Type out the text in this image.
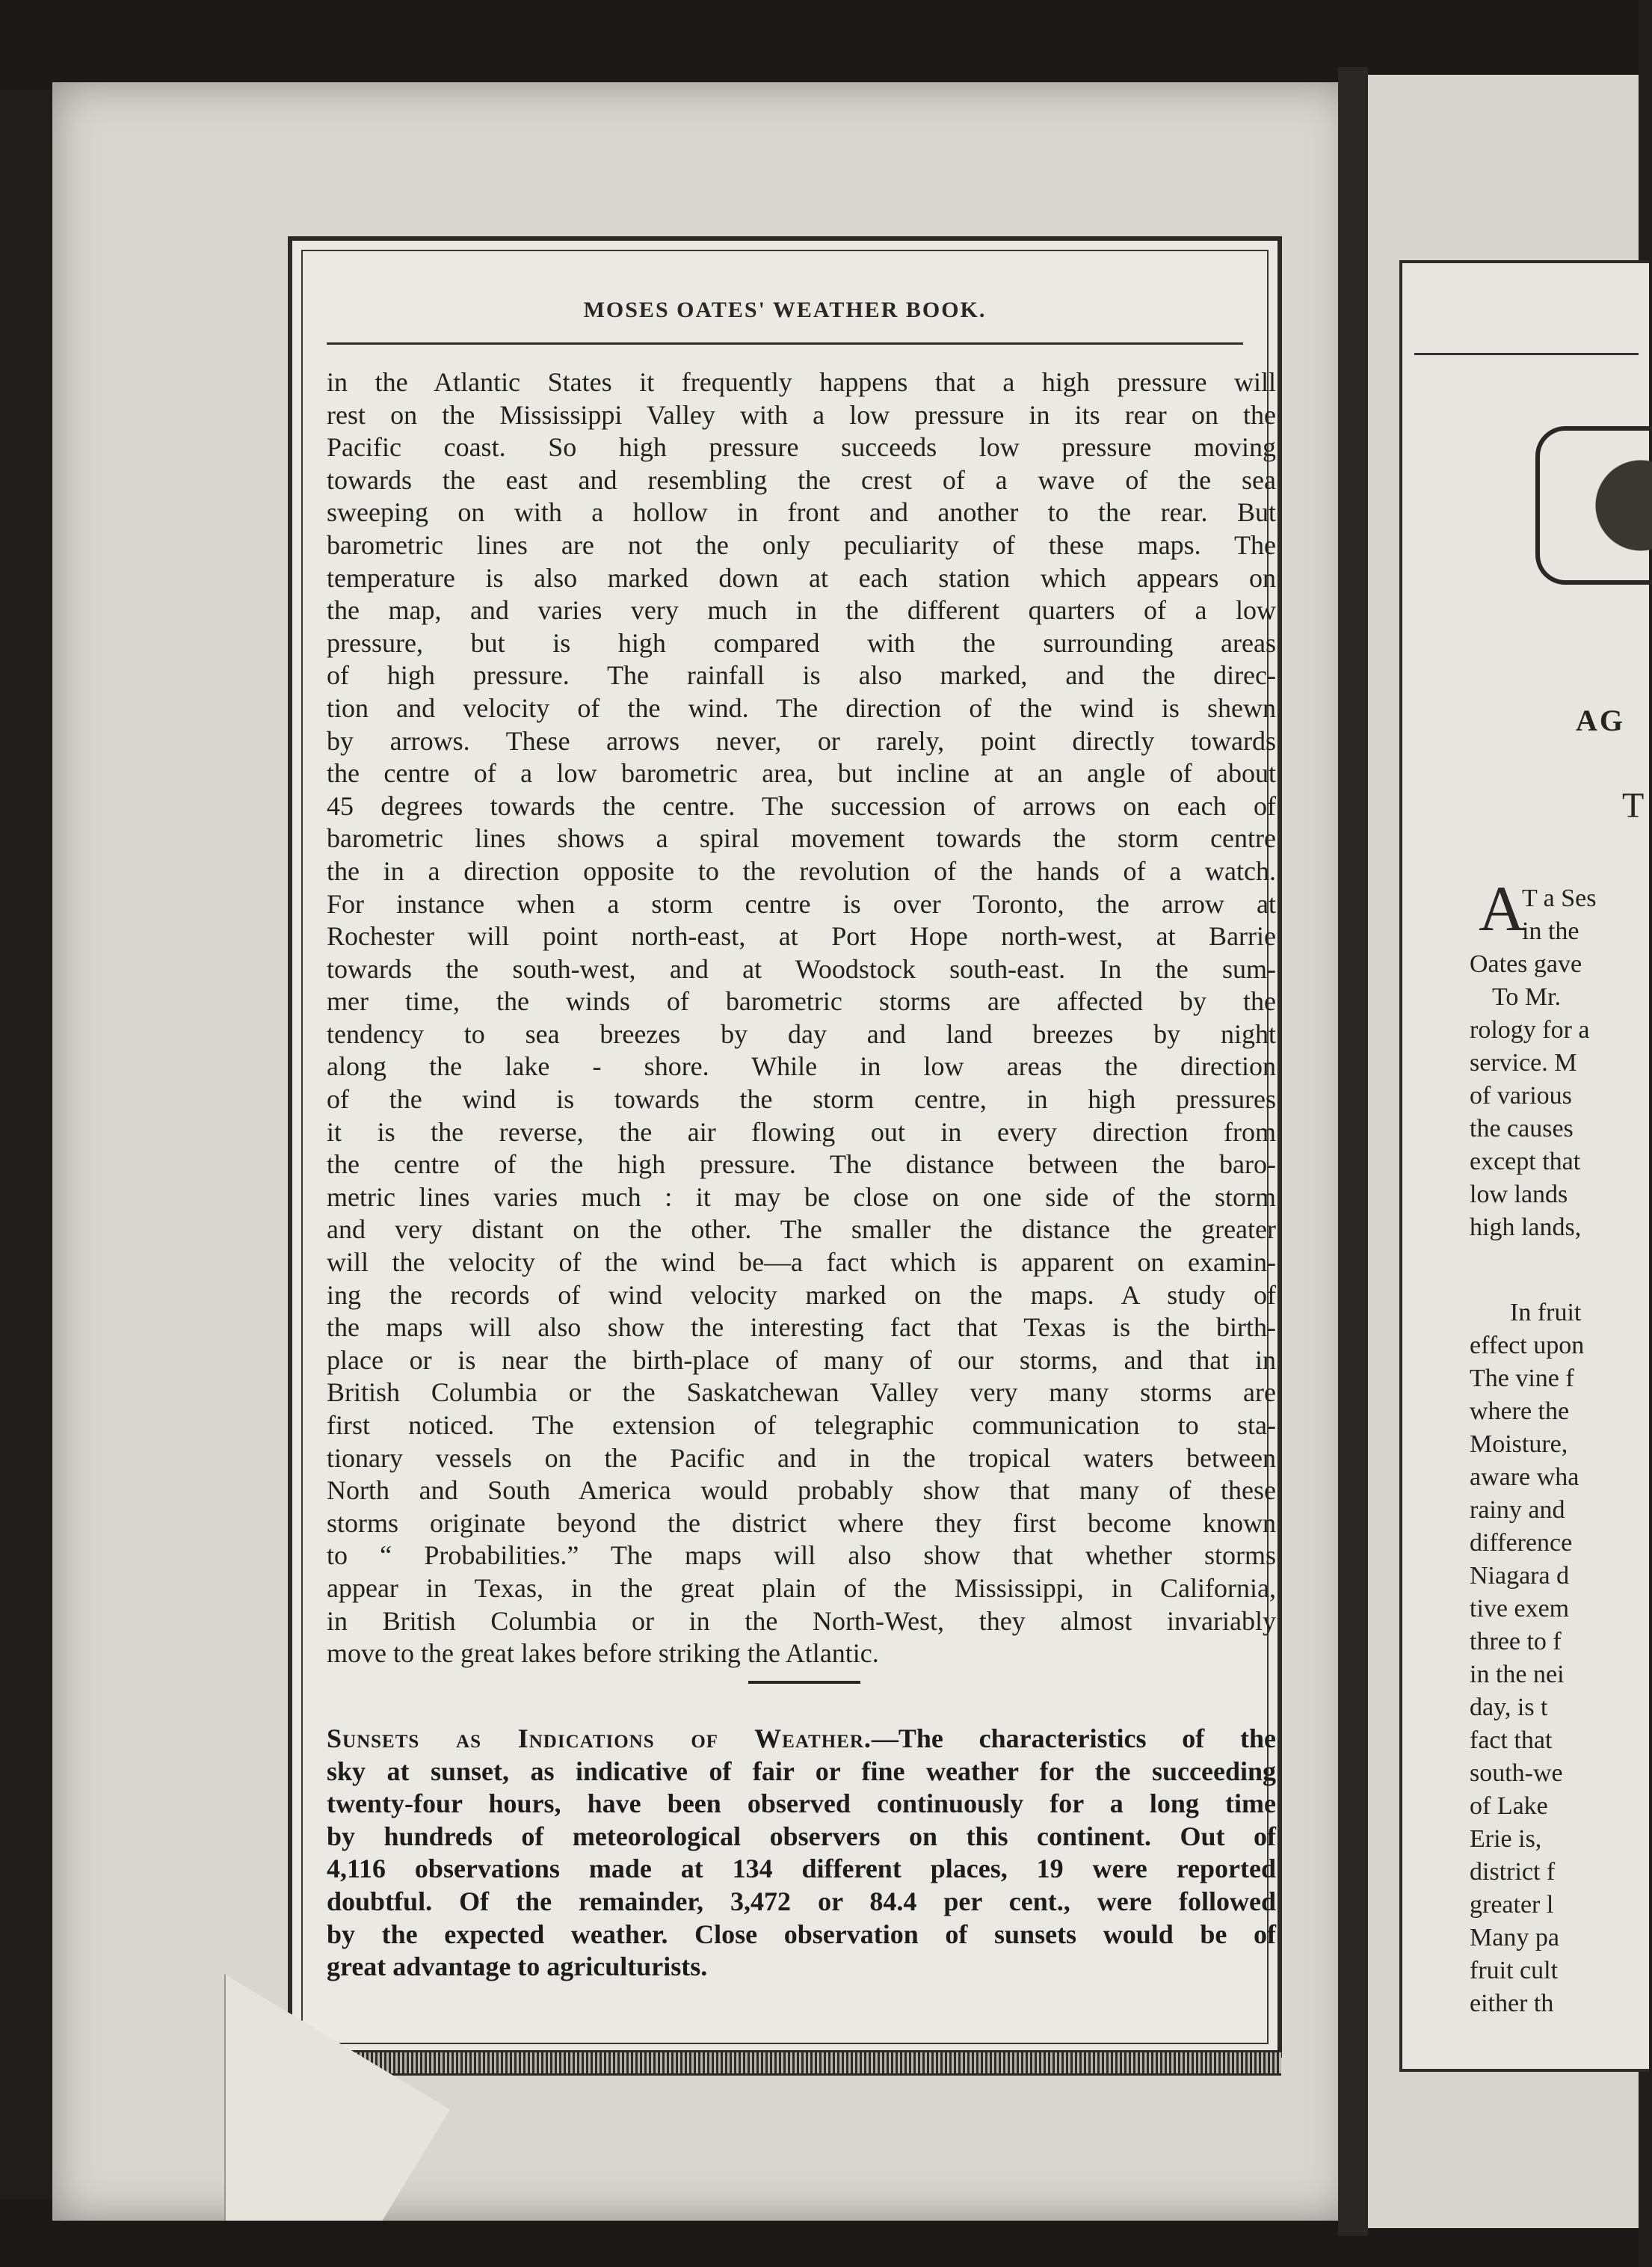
MOSES OATES' WEATHER BOOK.
in the Atlantic States it frequently happens that a high pressure will
rest on the Mississippi Valley with a low pressure in its rear on the
Pacific coast. So high pressure succeeds low pressure moving
towards the east and resembling the crest of a wave of the sea
sweeping on with a hollow in front and another to the rear. But
barometric lines are not the only peculiarity of these maps. The
temperature is also marked down at each station which appears on
the map, and varies very much in the different quarters of a low
pressure, but is high compared with the surrounding areas
of high pressure. The rainfall is also marked, and the direc-
tion and velocity of the wind. The direction of the wind is shewn
by arrows. These arrows never, or rarely, point directly towards
the centre of a low barometric area, but incline at an angle of about
45 degrees towards the centre. The succession of arrows on each of
barometric lines shows a spiral movement towards the storm centre
the in a direction opposite to the revolution of the hands of a watch.
For instance when a storm centre is over Toronto, the arrow at
Rochester will point north-east, at Port Hope north-west, at Barrie
towards the south-west, and at Woodstock south-east. In the sum-
mer time, the winds of barometric storms are affected by the
tendency to sea breezes by day and land breezes by night
along the lake - shore. While in low areas the direction
of the wind is towards the storm centre, in high pressures
it is the reverse, the air flowing out in every direction from
the centre of the high pressure. The distance between the baro-
metric lines varies much : it may be close on one side of the storm
and very distant on the other. The smaller the distance the greater
will the velocity of the wind be—a fact which is apparent on examin-
ing the records of wind velocity marked on the maps. A study of
the maps will also show the interesting fact that Texas is the birth-
place or is near the birth-place of many of our storms, and that in
British Columbia or the Saskatchewan Valley very many storms are
first noticed. The extension of telegraphic communication to sta-
tionary vessels on the Pacific and in the tropical waters between
North and South America would probably show that many of these
storms originate beyond the district where they first become known
to “ Probabilities.” The maps will also show that whether storms
appear in Texas, in the great plain of the Mississippi, in California,
in British Columbia or in the North-West, they almost invariably
move to the great lakes before striking the Atlantic.
Sunsets as Indications of Weather.—The characteristics of the
sky at sunset, as indicative of fair or fine weather for the succeeding
twenty-four hours, have been observed continuously for a long time
by hundreds of meteorological observers on this continent. Out of
4,116 observations made at 134 different places, 19 were reported
doubtful. Of the remainder, 3,472 or 84.4 per cent., were followed
by the expected weather. Close observation of sunsets would be of
great advantage to agriculturists.
AG
T
A
T a Ses
in the
Oates gave
To Mr.
rology for a
service. M
of various
the causes
except that
low lands
high lands,
In fruit
effect upon
The vine f
where the
Moisture,
aware wha
rainy and
difference
Niagara d
tive exem
three to f
in the nei
day, is t
fact that
south-we
of Lake
Erie is,
district f
greater l
Many pa
fruit cult
either th
